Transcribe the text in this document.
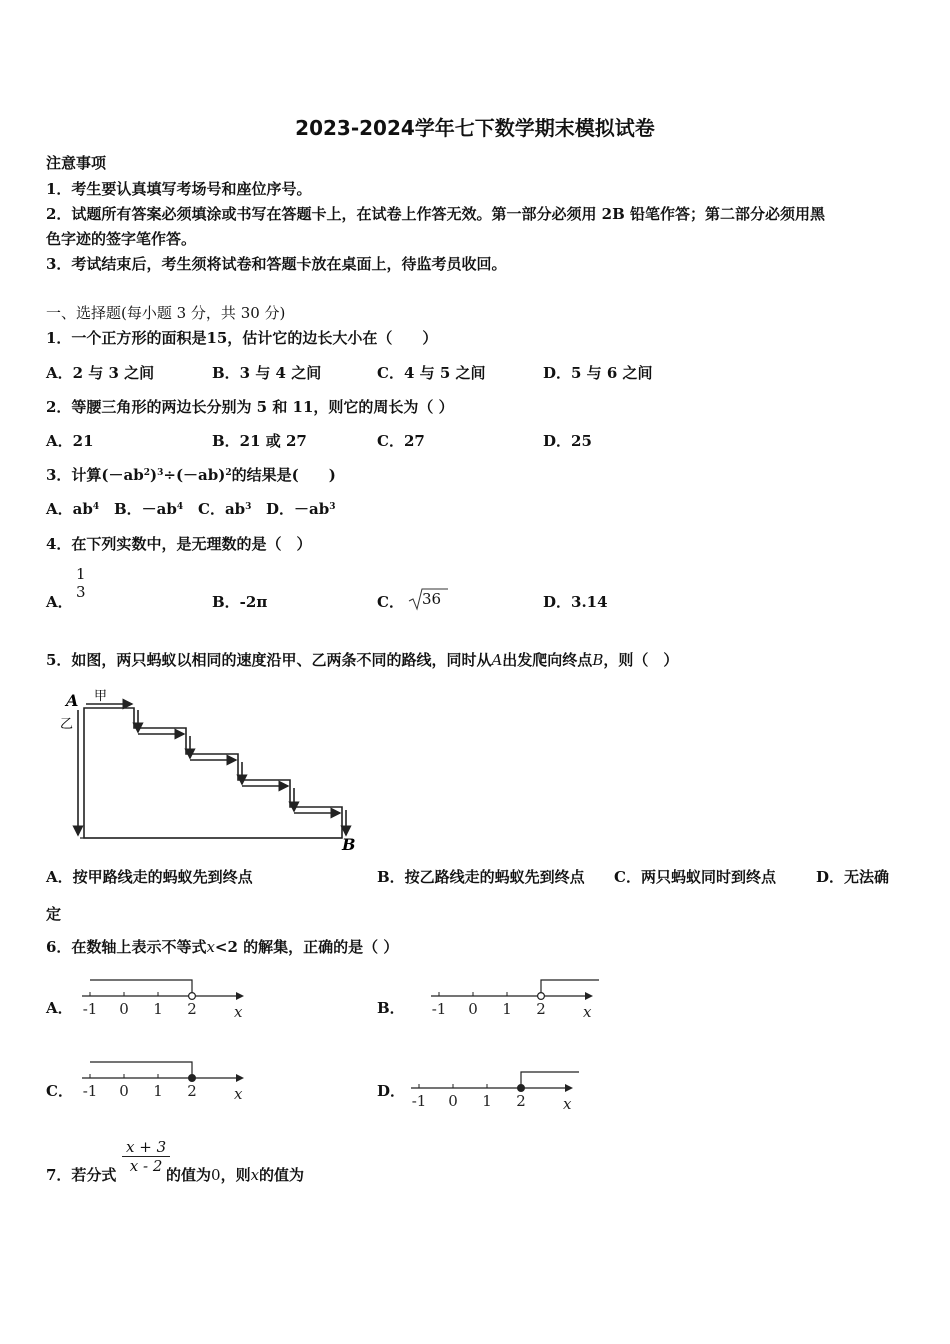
2023-2024学年七下数学期末模拟试卷
注意事项
1．考生要认真填写考场号和座位序号。
2．试题所有答案必须填涂或书写在答题卡上，在试卷上作答无效。第一部分必须用 2B 铅笔作答；第二部分必须用黑
色字迹的签字笔作答。
3．考试结束后，考生须将试卷和答题卡放在桌面上，待监考员收回。
一、选择题(每小题 3 分，共 30 分)
1．一个正方形的面积是15，估计它的边长大小在（　　）
A．2 与 3 之间	B．3 与 4 之间	C．4 与 5 之间	D．5 与 6 之间
2．等腰三角形的两边长分别为 5 和 11，则它的周长为（ ）
A．21	B．21 或 27	C．27	D．25
3．计算$(-ab^2)^3\div(-ab)^2$的结果是(　　)
A．$ab^4$ B．$-ab^4$ C．$ab^3$ D．$-ab^3$
4．在下列实数中，是无理数的是（　）
A．
1
3
B．-2π	C． 36	D．3.14
5．如图，两只蚂蚁以相同的速度沿甲、乙两条不同的路线，同时从A出发爬向终点B，则（　）
A 甲
乙
B
A．按甲路线走的蚂蚁先到终点	B．按乙路线走的蚂蚁先到终点 C．两只蚂蚁同时到终点	D．无法确
定
6．在数轴上表示不等式x<2 的解集，正确的是（ ）
A．	B．
C．	D．
-1 0 1 2 x	-1 0 1 2 x
-1 0 1 2 x	-1 0 1 2 x
7．若分式 $\frac{x + 3}{x - 2}$
的值为0，则x的值为
